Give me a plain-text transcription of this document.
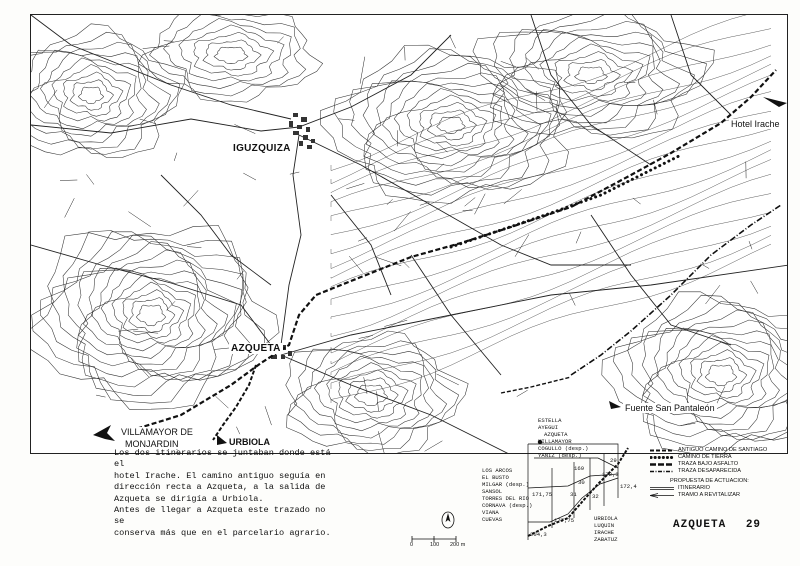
IGUZQUIZA
AZQUETA
Hotel Irache
Fuente San Pantaleón
VILLAMAYOR DE
MONJARDIN	URBIOLA

Los dos itinerarios se juntaban donde está el

hotel Irache. El camino antiguo seguía en

dirección recta a Azqueta, a la salida de

Azqueta se dirigía a Urbiola.

Antes de llegar a Azqueta este trazado no se

conserva más que en el parcelario agrario.

0	100 200 m
LOS ARCOS
EL BUSTO
MILGAR (desp.)
SANSOL
TORRES DEL RIO
CORNAVA (desp.)
VIANA
CUEVAS
ESTELLA
AYEGUI
AZQUETA
VILLAMAYOR
COGULLO (desp.)
YANIZ (desp.)
URBIOLA
LUQUIN
IRACHE
ZABATUZ
204,3
171,75
177,75
169
172,4
172,3
30
31	32
29
ANTIGUO CAMINO DE SANTIAGO
CAMINO DE TIERRA
TRAZA BAJO ASFALTO
TRAZA DESAPARECIDA
PROPUESTA DE ACTUACION:
ITINERARIO
TRAMO A REVITALIZAR
AZQUETA 29
